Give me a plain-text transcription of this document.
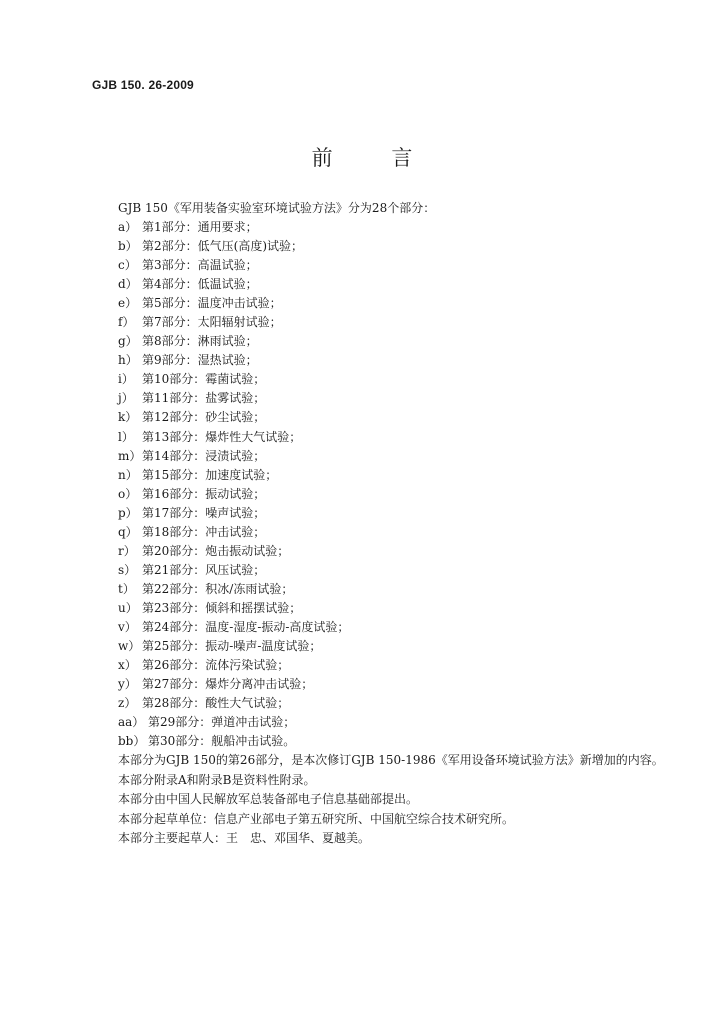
GJB 150. 26-2009
前 言
GJB 150《军用装备实验室环境试验方法》分为28个部分：
a） 第1部分：通用要求；
b） 第2部分：低气压(高度)试验；
c） 第3部分：高温试验；
d） 第4部分：低温试验；
e） 第5部分：温度冲击试验；
f） 第7部分：太阳辐射试验；
g） 第8部分：淋雨试验；
h） 第9部分：湿热试验；
i） 第10部分：霉菌试验；
j） 第11部分：盐雾试验；
k） 第12部分：砂尘试验；
l） 第13部分：爆炸性大气试验；
m）第14部分：浸渍试验；
n） 第15部分：加速度试验；
o） 第16部分：振动试验；
p） 第17部分：噪声试验；
q） 第18部分：冲击试验；
r） 第20部分：炮击振动试验；
s） 第21部分：风压试验；
t） 第22部分：积冰/冻雨试验；
u） 第23部分：倾斜和摇摆试验；
v） 第24部分：温度-湿度-振动-高度试验；
w） 第25部分：振动-噪声-温度试验；
x） 第26部分：流体污染试验；
y） 第27部分：爆炸分离冲击试验；
z） 第28部分：酸性大气试验；
aa） 第29部分：弹道冲击试验；
bb） 第30部分：舰船冲击试验。

本部分为GJB 150的第26部分，是本次修订GJB 150-1986《军用设备环境试验方法》新增加的内容。

本部分附录A和附录B是资料性附录。

本部分由中国人民解放军总装备部电子信息基础部提出。

本部分起草单位：信息产业部电子第五研究所、中国航空综合技术研究所。

本部分主要起草人：王　忠、邓国华、夏越美。
